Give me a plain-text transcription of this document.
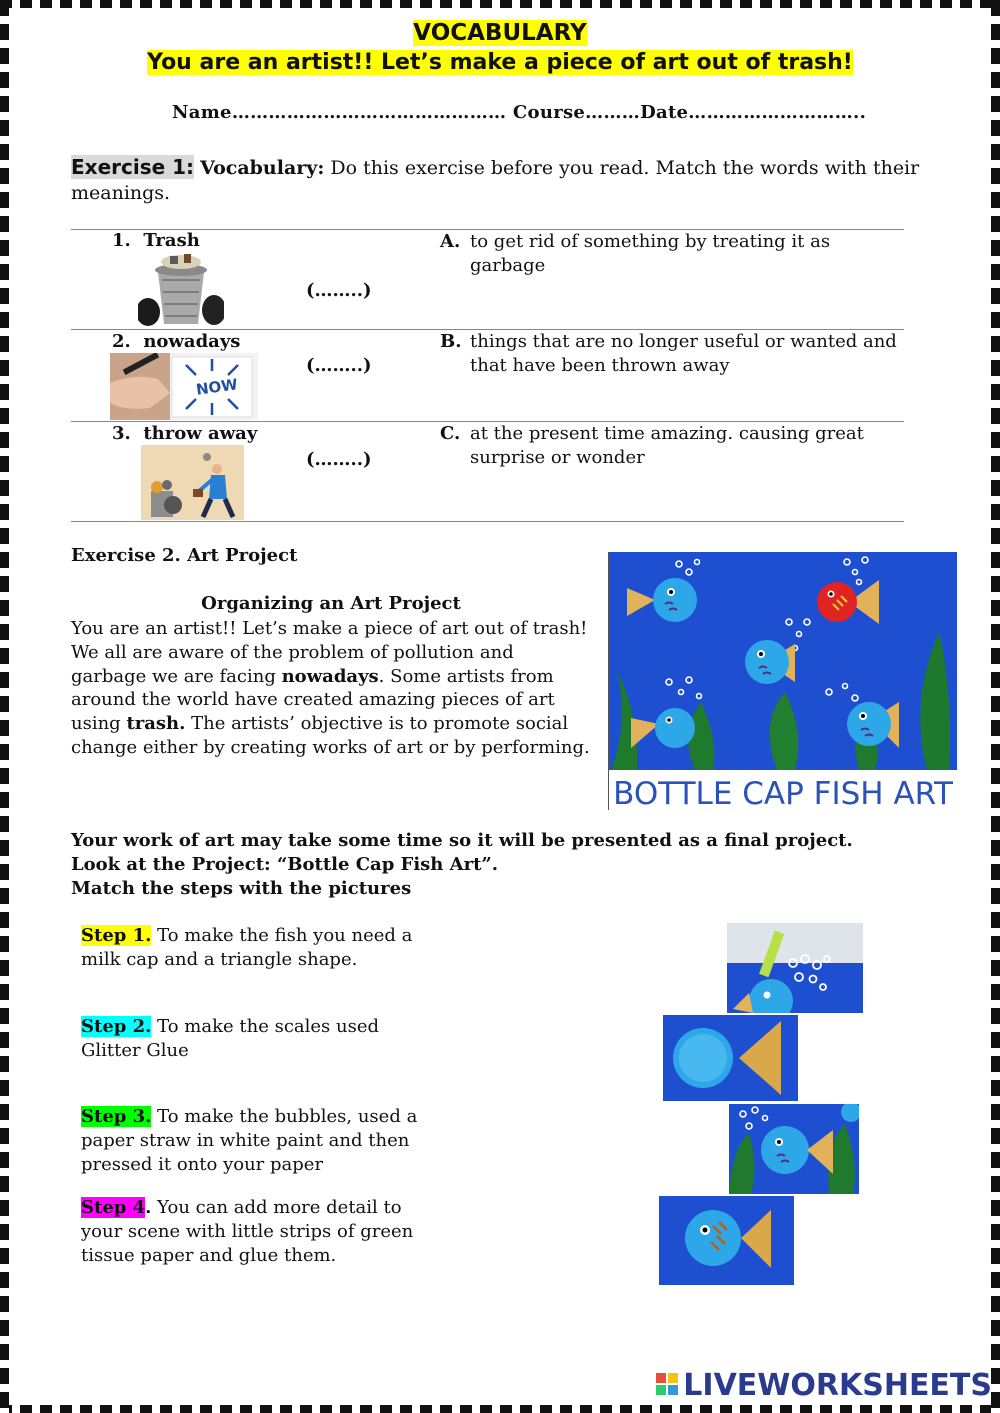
VOCABULARY
You are an artist!! Let’s make a piece of art out of trash!
Name……………………………………… Course………Date………………………..
Exercise 1: Vocabulary: Do this exercise before you read. Match the words with their meanings.
1. Trash
(……..)
A. to get rid of something by treating it as garbage
2. nowadays
NOW
(……..)
B. things that are no longer useful or wanted and that have been thrown away
3. throw away
(……..)
C. at the present time amazing. causing great surprise or wonder
Exercise 2. Art Project
Organizing an Art Project
You are an artist!! Let’s make a piece of art out of trash! We all are aware of the problem of pollution and garbage we are facing nowadays. Some artists from around the world have created amazing pieces of art using trash. The artists’ objective is to promote social change either by creating works of art or by performing.
BOTTLE CAP FISH ART
Your work of art may take some time so it will be presented as a final project.
Look at the Project: “Bottle Cap Fish Art”.
Match the steps with the pictures
Step 1. To make the fish you need a milk cap and a triangle shape.
Step 2. To make the scales used Glitter Glue
Step 3. To make the bubbles, used a paper straw in white paint and then pressed it onto your paper
Step 4. You can add more detail to your scene with little strips of green tissue paper and glue them.
LIVEWORKSHEETS
